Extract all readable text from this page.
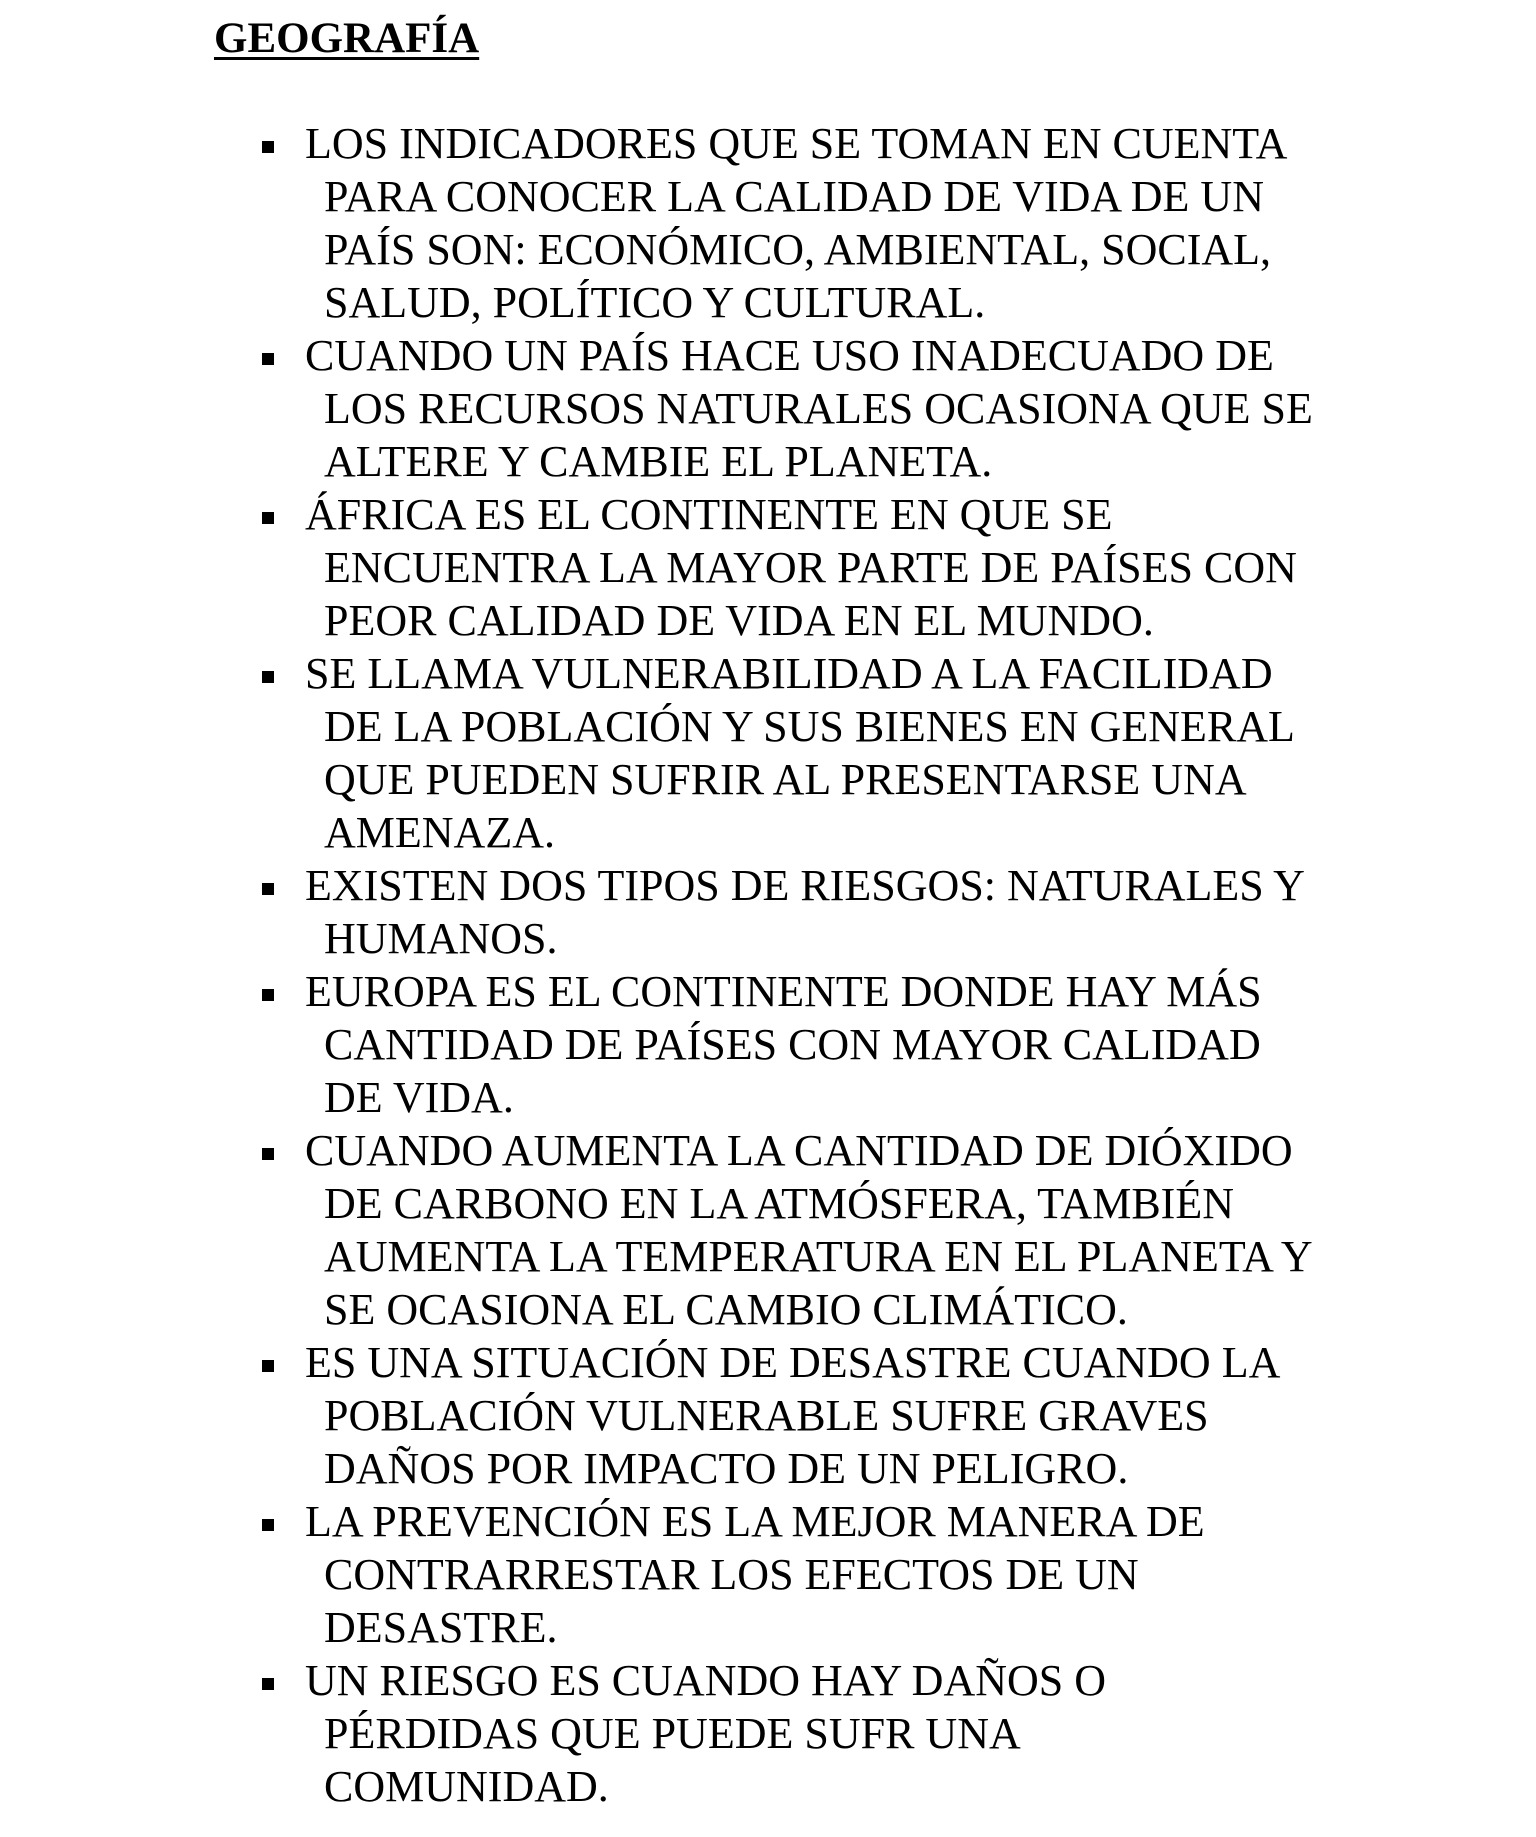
GEOGRAFÍA
LOS INDICADORES QUE SE TOMAN EN CUENTA
PARA CONOCER LA CALIDAD DE VIDA DE UN
PAÍS SON: ECONÓMICO, AMBIENTAL, SOCIAL,
SALUD, POLÍTICO Y CULTURAL.
CUANDO UN PAÍS HACE USO INADECUADO DE
LOS RECURSOS NATURALES OCASIONA QUE SE
ALTERE Y CAMBIE EL PLANETA.
ÁFRICA ES EL CONTINENTE EN QUE SE
ENCUENTRA LA MAYOR PARTE DE PAÍSES CON
PEOR CALIDAD DE VIDA EN EL MUNDO.
SE LLAMA VULNERABILIDAD A LA FACILIDAD
DE LA POBLACIÓN Y SUS BIENES EN GENERAL
QUE PUEDEN SUFRIR AL PRESENTARSE UNA
AMENAZA.
EXISTEN DOS TIPOS DE RIESGOS: NATURALES Y
HUMANOS.
EUROPA ES EL CONTINENTE DONDE HAY MÁS
CANTIDAD DE PAÍSES CON MAYOR CALIDAD
DE VIDA.
CUANDO AUMENTA LA CANTIDAD DE DIÓXIDO
DE CARBONO EN LA ATMÓSFERA, TAMBIÉN
AUMENTA LA TEMPERATURA EN EL PLANETA Y
SE OCASIONA EL CAMBIO CLIMÁTICO.
ES UNA SITUACIÓN DE DESASTRE CUANDO LA
POBLACIÓN VULNERABLE SUFRE GRAVES
DAÑOS POR IMPACTO DE UN PELIGRO.
LA PREVENCIÓN ES LA MEJOR MANERA DE
CONTRARRESTAR LOS EFECTOS DE UN
DESASTRE.
UN RIESGO ES CUANDO HAY DAÑOS O
PÉRDIDAS QUE PUEDE SUFR UNA
COMUNIDAD.
